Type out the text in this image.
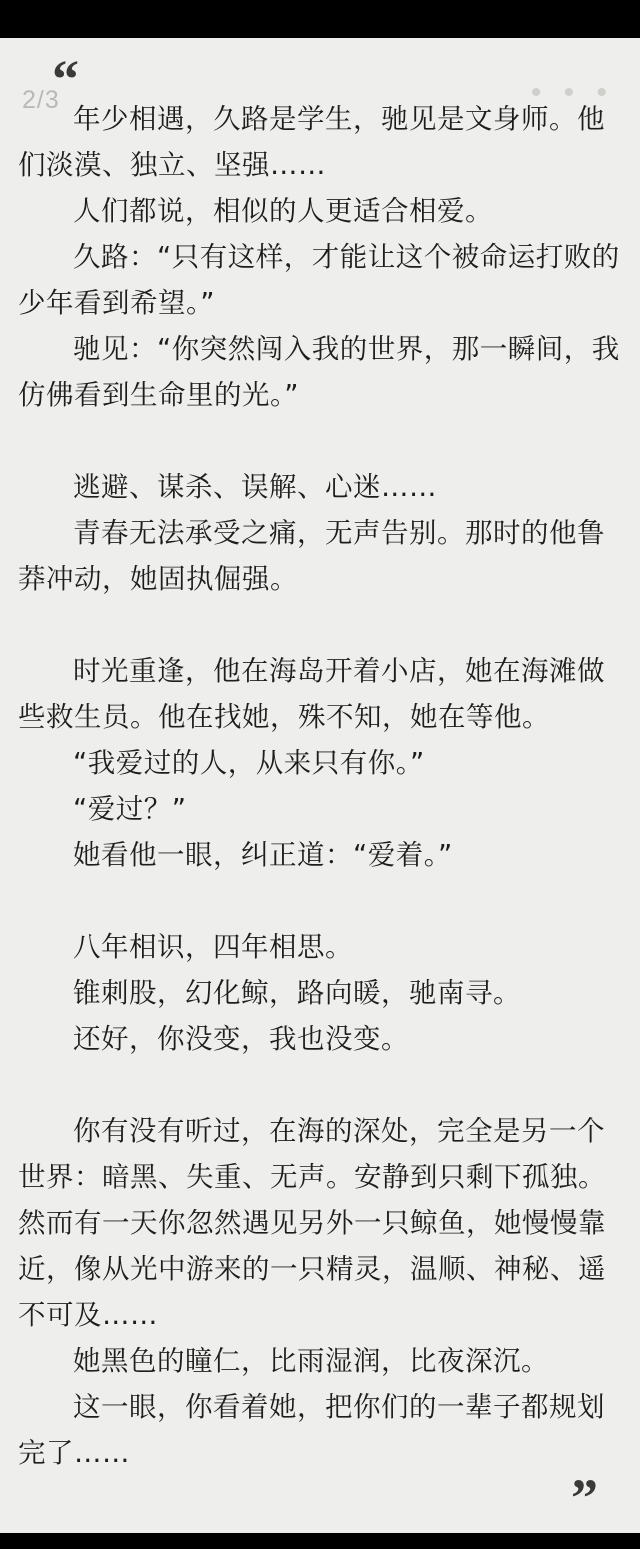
2/3	• • •
“

年少相遇，久路是学生，驰见是文身师。他们淡漠、独立、坚强……

人们都说，相似的人更适合相爱。

久路：“只有这样，才能让这个被命运打败的少年看到希望。”

驰见：“你突然闯入我的世界，那一瞬间，我仿佛看到生命里的光。”

逃避、谋杀、误解、心迷……

青春无法承受之痛，无声告别。那时的他鲁莽冲动，她固执倔强。

时光重逢，他在海岛开着小店，她在海滩做些救生员。他在找她，殊不知，她在等他。

“我爱过的人，从来只有你。”

“爱过？”

她看他一眼，纠正道：“爱着。”

八年相识，四年相思。

锥刺股，幻化鲸，路向暖，驰南寻。

还好，你没变，我也没变。

你有没有听过，在海的深处，完全是另一个世界：暗黑、失重、无声。安静到只剩下孤独。然而有一天你忽然遇见另外一只鲸鱼，她慢慢靠近，像从光中游来的一只精灵，温顺、神秘、遥不可及……

她黑色的瞳仁，比雨湿润，比夜深沉。

这一眼，你看着她，把你们的一辈子都规划完了……

”
